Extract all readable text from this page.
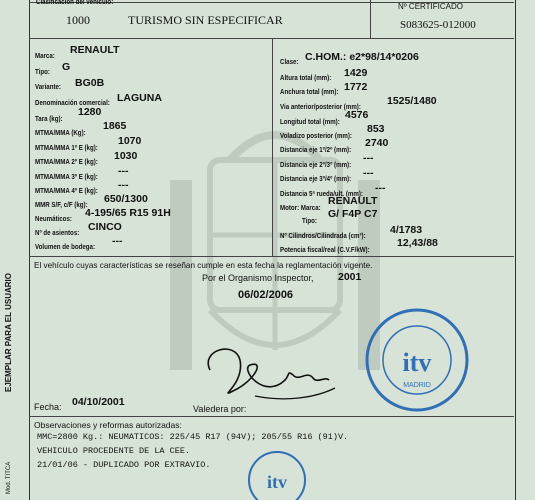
Clasificación del vehículo:
1000	TURISMO SIN ESPECIFICAR
Nº CERTIFICADO
S083625-012000
Marca: RENAULT
Tipo: G
Variante: BG0B
Denominación comercial: LAGUNA
Tara (kg):
1280
MTMA/MMA (Kg):
1865
MTMA/MMA 1º E (kg):
1070
MTMA/MMA 2º E (kg): 1030
MTMA/MMA 3º E (kg): ---
MTMA/MMA 4º E (kg): ---
MMR S/F, c/F (kg): 650/1300
Neumáticos: 4-195/65 R15 91H
Nº de asientos: CINCO
Volumen de bodega: ---
Clase: C.HOM.: e2*98/14*0206
Altura total (mm): 1429
Anchura total (mm): 1772
Via anterior/posterior (mm): 1525/1480
Longitud total (mm):
4576
Voladizo posterior (mm):
853
Distancia eje 1º/2º (mm):
2740
Distancia eje 2º/3º (mm):
---
Distancia eje 3º/4º (mm): ---
Distancia 5ª rueda/ult. (mm): ---
Motor: Marca:
RENAULT
Tipo:
G/ F4P C7
Nº Cilindros/Cilindrada (cm³): 4/1783
Potencia fiscal/real (C.V.F/kW):
12,43/88
El vehículo cuyas características se reseñan cumple en esta fecha la reglamentación vigente.
Por el Organismo Inspector, 2001
06/02/2006
itv
MADRID
Fecha: 04/10/2001
Valedera por:
Observaciones y reformas autorizadas:
MMC=2800 Kg.: NEUMATICOS: 225/45 R17 (94V); 205/55 R16 (91)V.
VEHICULO PROCEDENTE DE LA CEE.
21/01/06 - DUPLICADO POR EXTRAVIO.
itv
EJEMPLAR PARA EL USUARIO
Mod. TITCA
